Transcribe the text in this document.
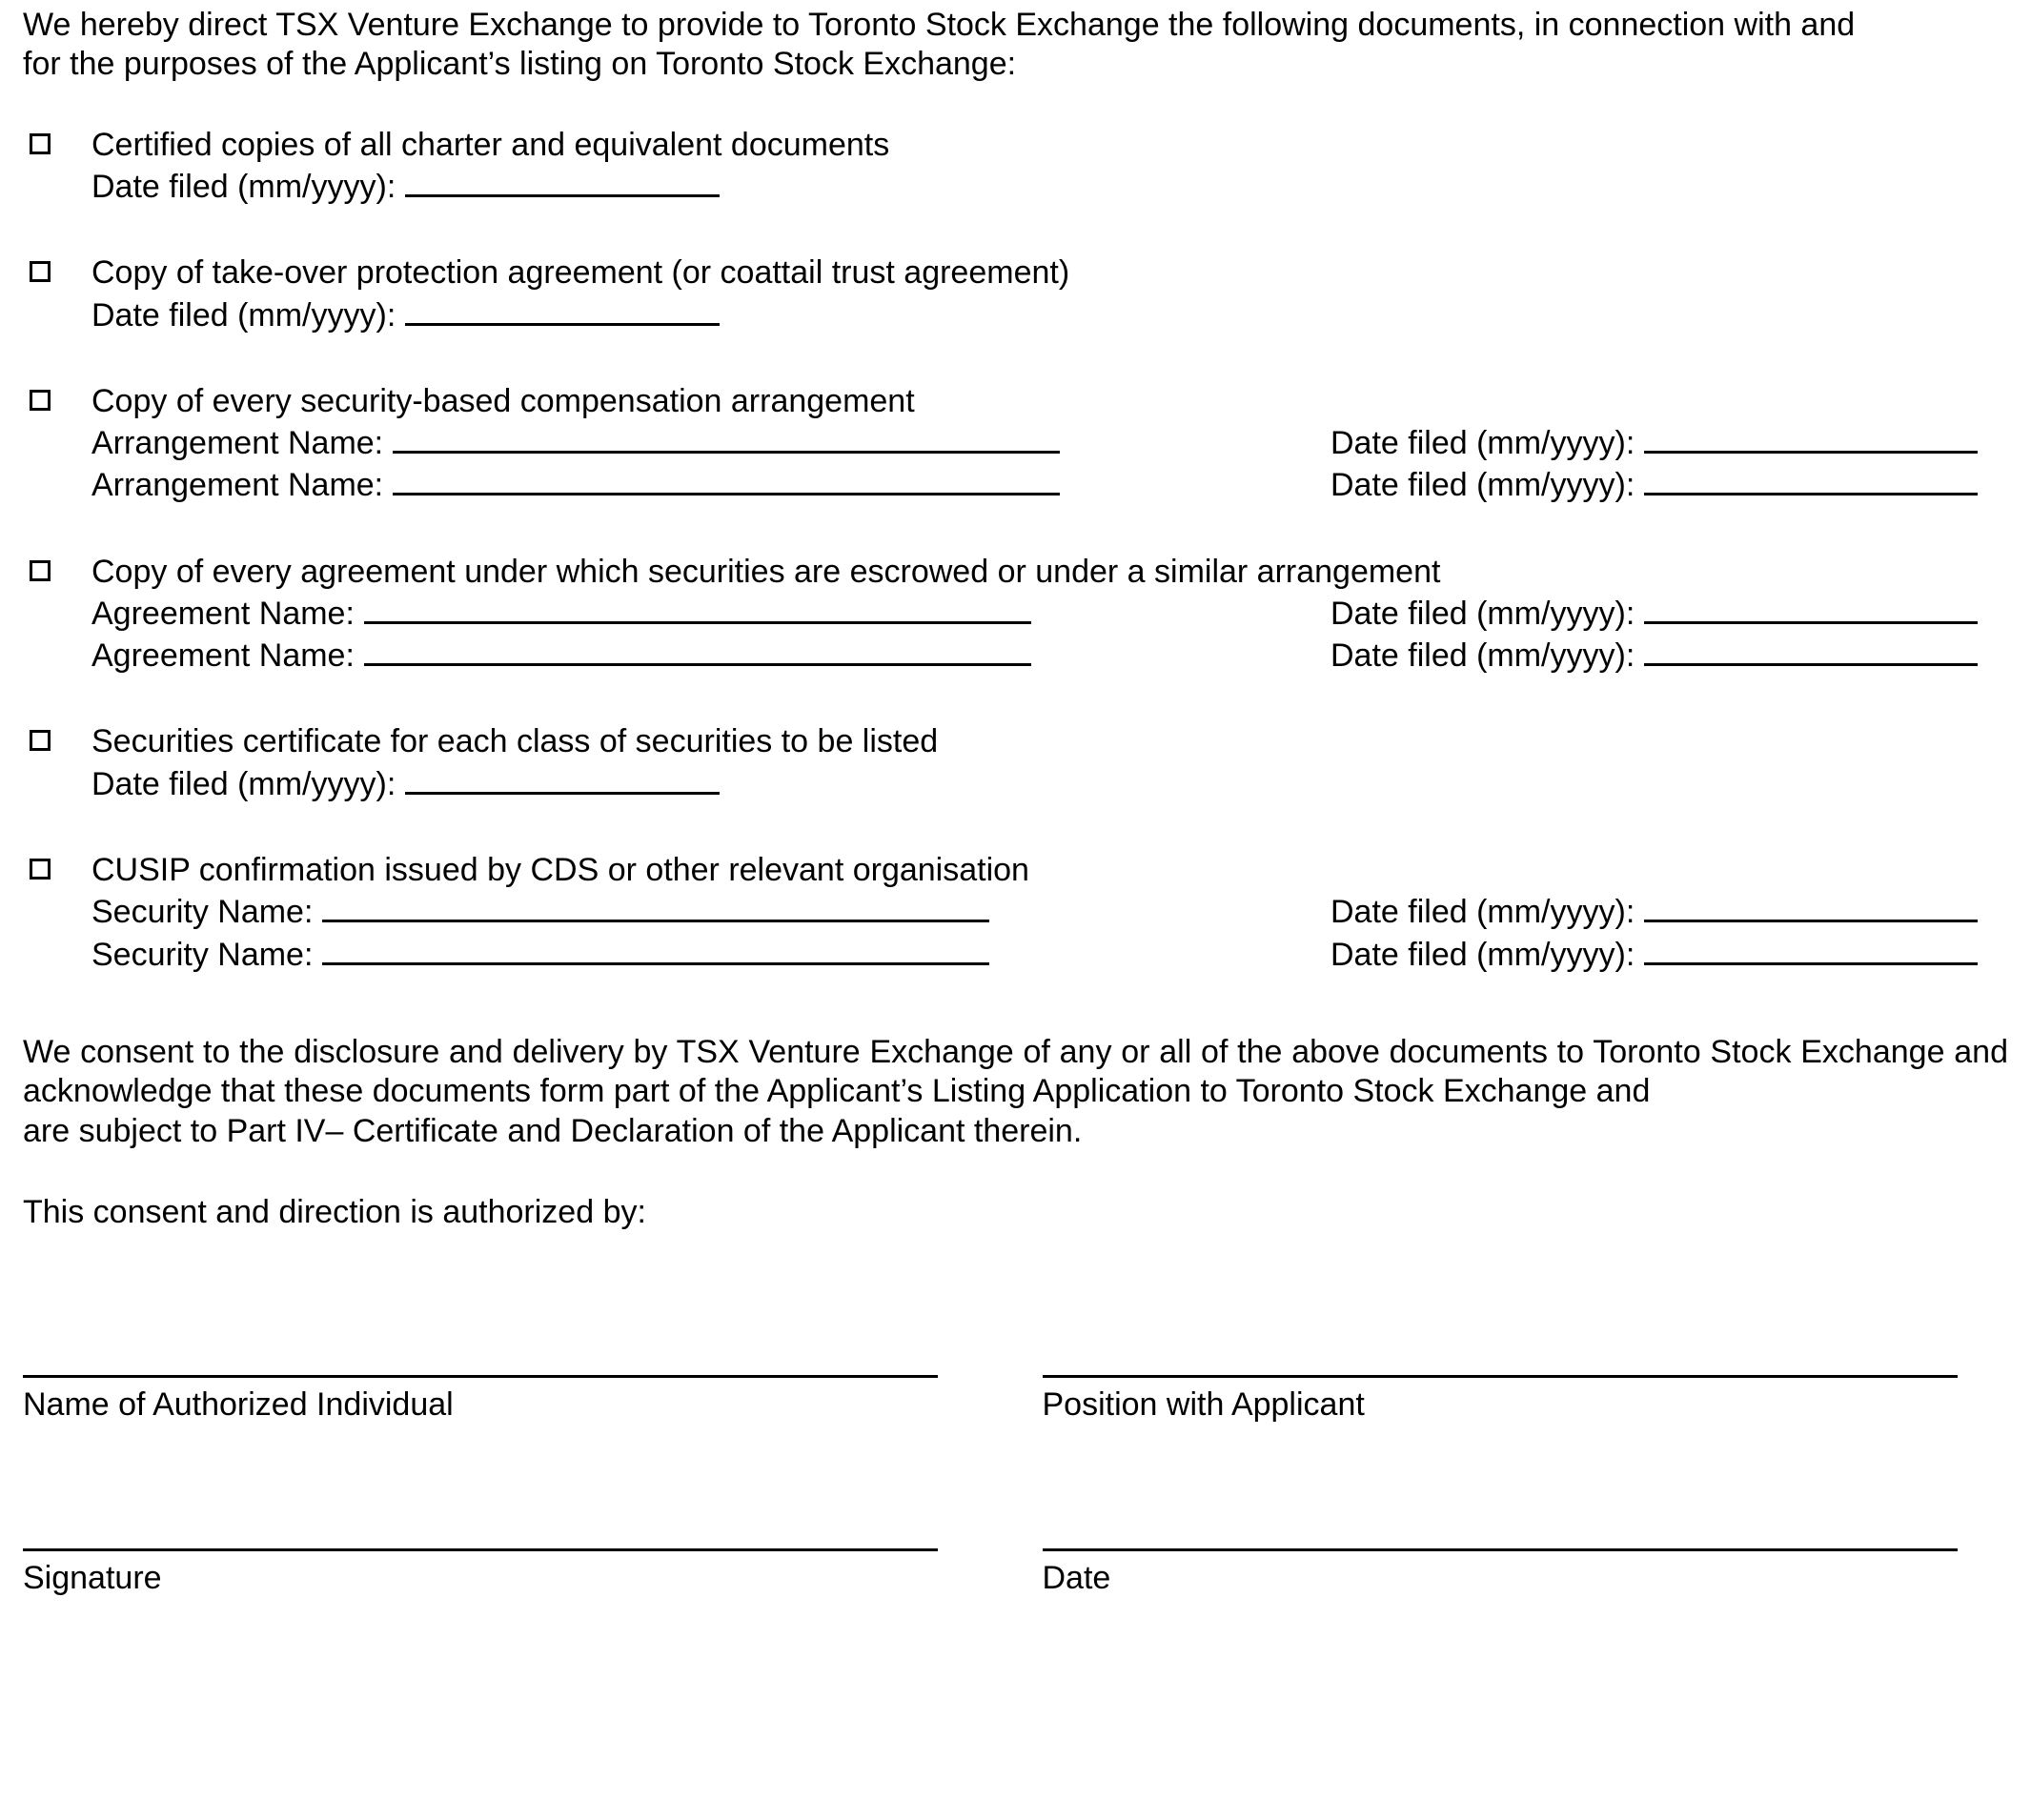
We hereby direct TSX Venture Exchange to provide to Toronto Stock Exchange the following documents, in connection with and
for the purposes of the Applicant’s listing on Toronto Stock Exchange:

Certified copies of all charter and equivalent documents
Date filed (mm/yyyy):
Copy of take-over protection agreement (or coattail trust agreement)
Date filed (mm/yyyy):
Copy of every security-based compensation arrangement
Arrangement Name:	Date filed (mm/yyyy):
Arrangement Name:	Date filed (mm/yyyy):
Copy of every agreement under which securities are escrowed or under a similar arrangement
Agreement Name:	Date filed (mm/yyyy):
Agreement Name:	Date filed (mm/yyyy):
Securities certificate for each class of securities to be listed
Date filed (mm/yyyy):
CUSIP confirmation issued by CDS or other relevant organisation
Security Name:	Date filed (mm/yyyy):
Security Name:	Date filed (mm/yyyy):

We consent to the disclosure and delivery by TSX Venture Exchange of any or all of the above documents to Toronto Stock Exchange and acknowledge that these documents form part of the Applicant’s Listing Application to Toronto Stock Exchange and
are subject to Part IV– Certificate and Declaration of the Applicant therein.

This consent and direction is authorized by:
Name of Authorized Individual	Position with Applicant
Signature	Date
